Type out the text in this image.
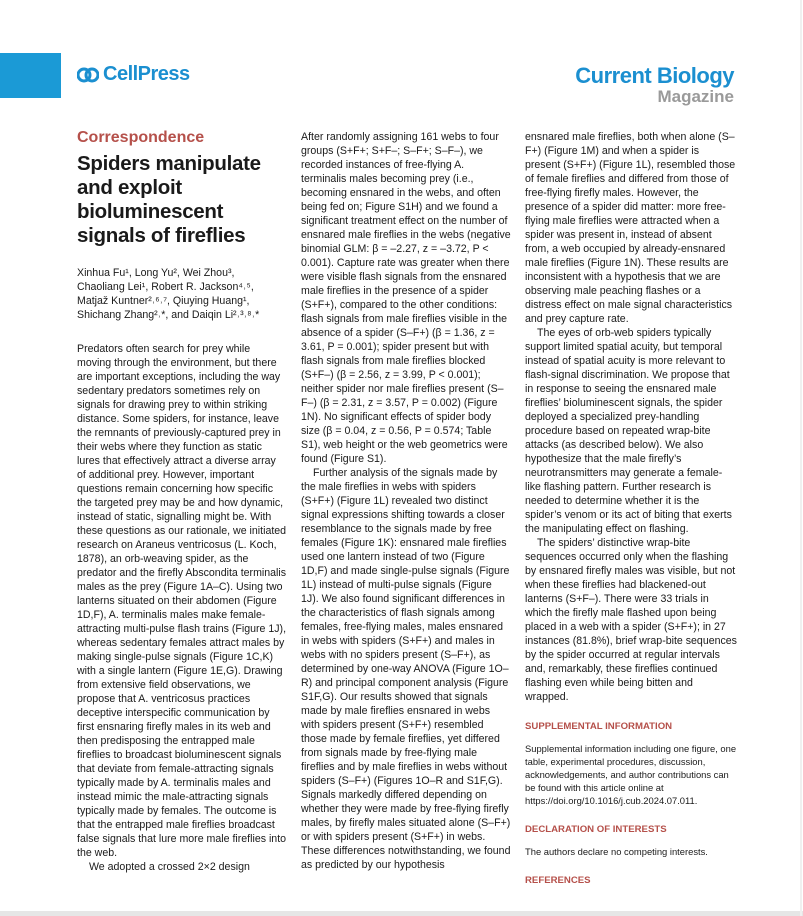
CellPress	Current Biology
Magazine
Correspondence
Spiders manipulate and exploit bioluminescent signals of fireflies
Xinhua Fu¹, Long Yu², Wei Zhou³,
Chaoliang Lei¹, Robert R. Jackson⁴˒⁵,
Matjaž Kuntner²˒⁶˒⁷, Qiuying Huang¹,
Shichang Zhang²˒*, and Daiqin Li²˒³˒⁸˒*

Predators often search for prey while moving through the environment, but there are important exceptions, including the way sedentary predators sometimes rely on signals for drawing prey to within striking distance. Some spiders, for instance, leave the remnants of previously-captured prey in their webs where they function as static lures that effectively attract a diverse array of additional prey. However, important questions remain concerning how specific the targeted prey may be and how dynamic, instead of static, signalling might be. With these questions as our rationale, we initiated research on Araneus ventricosus (L. Koch, 1878), an orb-weaving spider, as the predator and the firefly Abscondita terminalis males as the prey (Figure 1A–C). Using two lanterns situated on their abdomen (Figure 1D,F), A. terminalis males make female-attracting multi-pulse flash trains (Figure 1J), whereas sedentary females attract males by making single-pulse signals (Figure 1C,K) with a single lantern (Figure 1E,G). Drawing from extensive field observations, we propose that A. ventricosus practices deceptive interspecific communication by first ensnaring firefly males in its web and then predisposing the entrapped male fireflies to broadcast bioluminescent signals that deviate from female-attracting signals typically made by A. terminalis males and instead mimic the male-attracting signals typically made by females. The outcome is that the entrapped male fireflies broadcast false signals that lure more male fireflies into the web.

We adopted a crossed 2×2 design

After randomly assigning 161 webs to four groups (S+F+; S+F–; S–F+; S–F–), we recorded instances of free-flying A. terminalis males becoming prey (i.e., becoming ensnared in the webs, and often being fed on; Figure S1H) and we found a significant treatment effect on the number of ensnared male fireflies in the webs (negative binomial GLM: β = –2.27, z = –3.72, P < 0.001). Capture rate was greater when there were visible flash signals from the ensnared male fireflies in the presence of a spider (S+F+), compared to the other conditions: flash signals from male fireflies visible in the absence of a spider (S–F+) (β = 1.36, z = 3.61, P = 0.001); spider present but with flash signals from male fireflies blocked (S+F–) (β = 2.56, z = 3.99, P < 0.001); neither spider nor male fireflies present (S–F–) (β = 2.31, z = 3.57, P = 0.002) (Figure 1N). No significant effects of spider body size (β = 0.04, z = 0.56, P = 0.574; Table S1), web height or the web geometrics were found (Figure S1).

Further analysis of the signals made by the male fireflies in webs with spiders (S+F+) (Figure 1L) revealed two distinct signal expressions shifting towards a closer resemblance to the signals made by free females (Figure 1K): ensnared male fireflies used one lantern instead of two (Figure 1D,F) and made single-pulse signals (Figure 1L) instead of multi-pulse signals (Figure 1J). We also found significant differences in the characteristics of flash signals among females, free-flying males, males ensnared in webs with spiders (S+F+) and males in webs with no spiders present (S–F+), as determined by one-way ANOVA (Figure 1O–R) and principal component analysis (Figure S1F,G). Our results showed that signals made by male fireflies ensnared in webs with spiders present (S+F+) resembled those made by female fireflies, yet differed from signals made by free-flying male fireflies and by male fireflies in webs without spiders (S–F+) (Figures 1O–R and S1F,G). Signals markedly differed depending on whether they were made by free-flying firefly males, by firefly males situated alone (S–F+) or with spiders present (S+F+) in webs. These differences notwithstanding, we found as predicted by our hypothesis

ensnared male fireflies, both when alone (S–F+) (Figure 1M) and when a spider is present (S+F+) (Figure 1L), resembled those of female fireflies and differed from those of free-flying firefly males. However, the presence of a spider did matter: more free-flying male fireflies were attracted when a spider was present in, instead of absent from, a web occupied by already-ensnared male fireflies (Figure 1N). These results are inconsistent with a hypothesis that we are observing male peaching flashes or a distress effect on male signal characteristics and prey capture rate.

The eyes of orb-web spiders typically support limited spatial acuity, but temporal instead of spatial acuity is more relevant to flash-signal discrimination. We propose that in response to seeing the ensnared male fireflies’ bioluminescent signals, the spider deployed a specialized prey-handling procedure based on repeated wrap-bite attacks (as described below). We also hypothesize that the male firefly’s neurotransmitters may generate a female-like flashing pattern. Further research is needed to determine whether it is the spider’s venom or its act of biting that exerts the manipulating effect on flashing.

The spiders’ distinctive wrap-bite sequences occurred only when the flashing by ensnared firefly males was visible, but not when these fireflies had blackened-out lanterns (S+F–). There were 33 trials in which the firefly male flashed upon being placed in a web with a spider (S+F+); in 27 instances (81.8%), brief wrap-bite sequences by the spider occurred at regular intervals and, remarkably, these fireflies continued flashing even while being bitten and wrapped.

SUPPLEMENTAL INFORMATION

Supplemental information including one figure, one table, experimental procedures, discussion, acknowledgements, and author contributions can be found with this article online at https://doi.org/10.1016/j.cub.2024.07.011.

DECLARATION OF INTERESTS

The authors declare no competing interests.

REFERENCES
